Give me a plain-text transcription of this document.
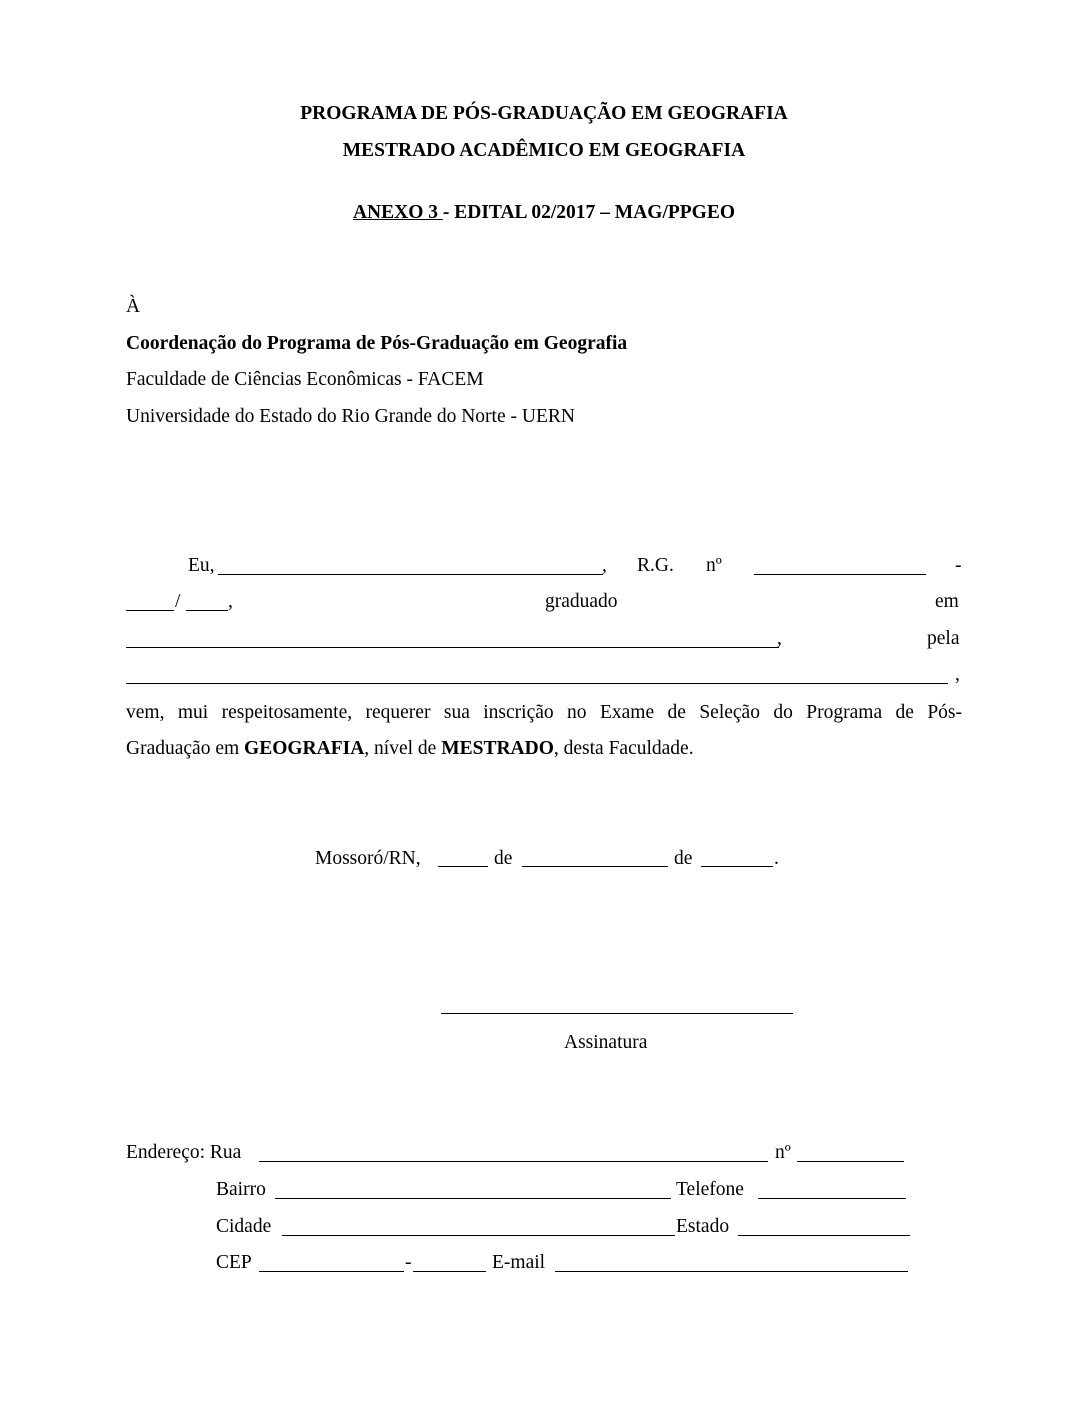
PROGRAMA DE PÓS-GRADUAÇÃO EM GEOGRAFIA
MESTRADO ACADÊMICO EM GEOGRAFIA
ANEXO 3 - EDITAL 02/2017 – MAG/PPGEO
À
Coordenação do Programa de Pós-Graduação em Geografia
Faculdade de Ciências Econômicas - FACEM
Universidade do Estado do Rio Grande do Norte - UERN
Eu,	, R.G. nº	-
/ ,	graduado	em
,	pela
,
vem, mui respeitosamente, requerer sua inscrição no Exame de Seleção do Programa de Pós-
Graduação em GEOGRAFIA, nível de MESTRADO, desta Faculdade.
Mossoró/RN,	de	de	.
Assinatura
Endereço: Rua	nº
Bairro	Telefone
Cidade	Estado
CEP	-	E-mail
